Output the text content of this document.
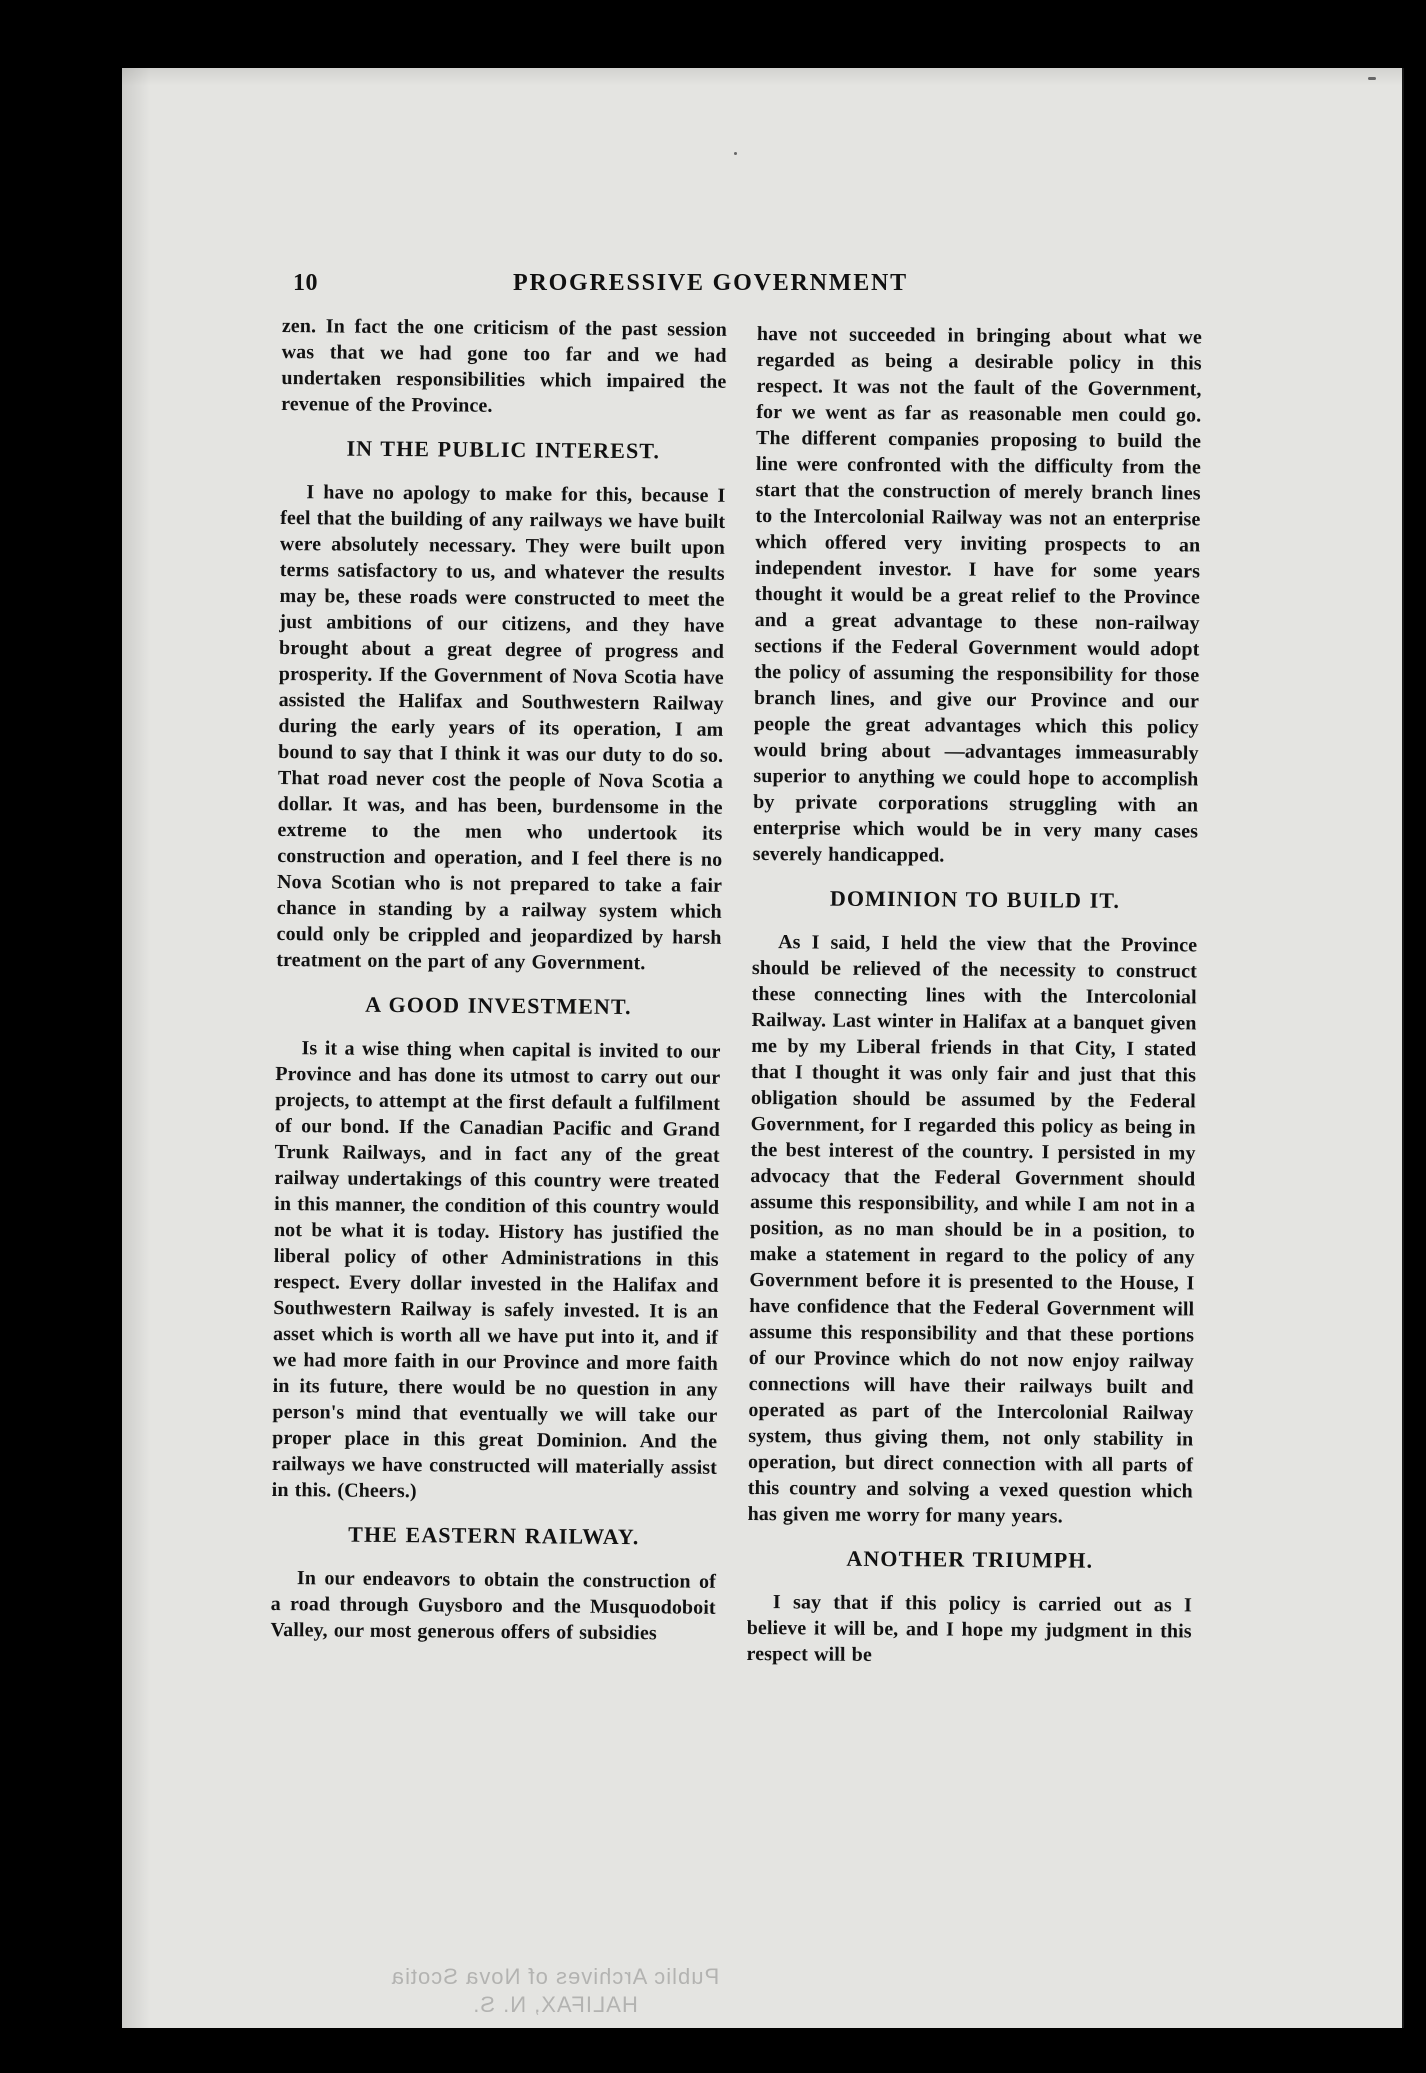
10	PROGRESSIVE GOVERNMENT

zen. In fact the one criticism of the past session was that we had gone too far and we had undertaken responsibilities which impaired the revenue of the Province.

IN THE PUBLIC INTEREST.

I have no apology to make for this, because I feel that the building of any railways we have built were absolutely necessary. They were built upon terms satisfactory to us, and whatever the results may be, these roads were constructed to meet the just ambitions of our citizens, and they have brought about a great degree of progress and prosperity. If the Government of Nova Scotia have assisted the Halifax and Southwestern Railway during the early years of its operation, I am bound to say that I think it was our duty to do so. That road never cost the people of Nova Scotia a dollar. It was, and has been, burdensome in the extreme to the men who undertook its construction and operation, and I feel there is no Nova Scotian who is not prepared to take a fair chance in standing by a railway system which could only be crippled and jeopardized by harsh treatment on the part of any Government.

A GOOD INVESTMENT.

Is it a wise thing when capital is invited to our Province and has done its utmost to carry out our projects, to attempt at the first default a fulfilment of our bond. If the Canadian Pacific and Grand Trunk Railways, and in fact any of the great railway undertakings of this country were treated in this manner, the condition of this country would not be what it is today. History has justified the liberal policy of other Administrations in this respect. Every dollar invested in the Halifax and Southwestern Railway is safely invested. It is an asset which is worth all we have put into it, and if we had more faith in our Province and more faith in its future, there would be no question in any person's mind that eventually we will take our proper place in this great Dominion. And the railways we have constructed will materially assist in this. (Cheers.)

THE EASTERN RAILWAY.

In our endeavors to obtain the construction of a road through Guysboro and the Musquodoboit Valley, our most generous offers of subsidies

have not succeeded in bringing about what we regarded as being a desirable policy in this respect. It was not the fault of the Government, for we went as far as reasonable men could go. The different companies proposing to build the line were confronted with the difficulty from the start that the construction of merely branch lines to the Intercolonial Railway was not an enterprise which offered very inviting prospects to an independent investor. I have for some years thought it would be a great relief to the Province and a great advantage to these non-railway sections if the Federal Government would adopt the policy of assuming the responsibility for those branch lines, and give our Province and our people the great advantages which this policy would bring about —advantages immeasurably superior to anything we could hope to accomplish by private corporations struggling with an enterprise which would be in very many cases severely handicapped.

DOMINION TO BUILD IT.

As I said, I held the view that the Province should be relieved of the necessity to construct these connecting lines with the Intercolonial Railway. Last winter in Halifax at a banquet given me by my Liberal friends in that City, I stated that I thought it was only fair and just that this obligation should be assumed by the Federal Government, for I regarded this policy as being in the best interest of the country. I persisted in my advocacy that the Federal Government should assume this responsibility, and while I am not in a position, as no man should be in a position, to make a statement in regard to the policy of any Government before it is presented to the House, I have confidence that the Federal Government will assume this responsibility and that these portions of our Province which do not now enjoy railway connections will have their railways built and operated as part of the Intercolonial Railway system, thus giving them, not only stability in operation, but direct connection with all parts of this country and solving a vexed question which has given me worry for many years.

ANOTHER TRIUMPH.

I say that if this policy is carried out as I believe it will be, and I hope my judgment in this respect will be

Public Archives of Nova Scotia
HALIFAX, N. S.
